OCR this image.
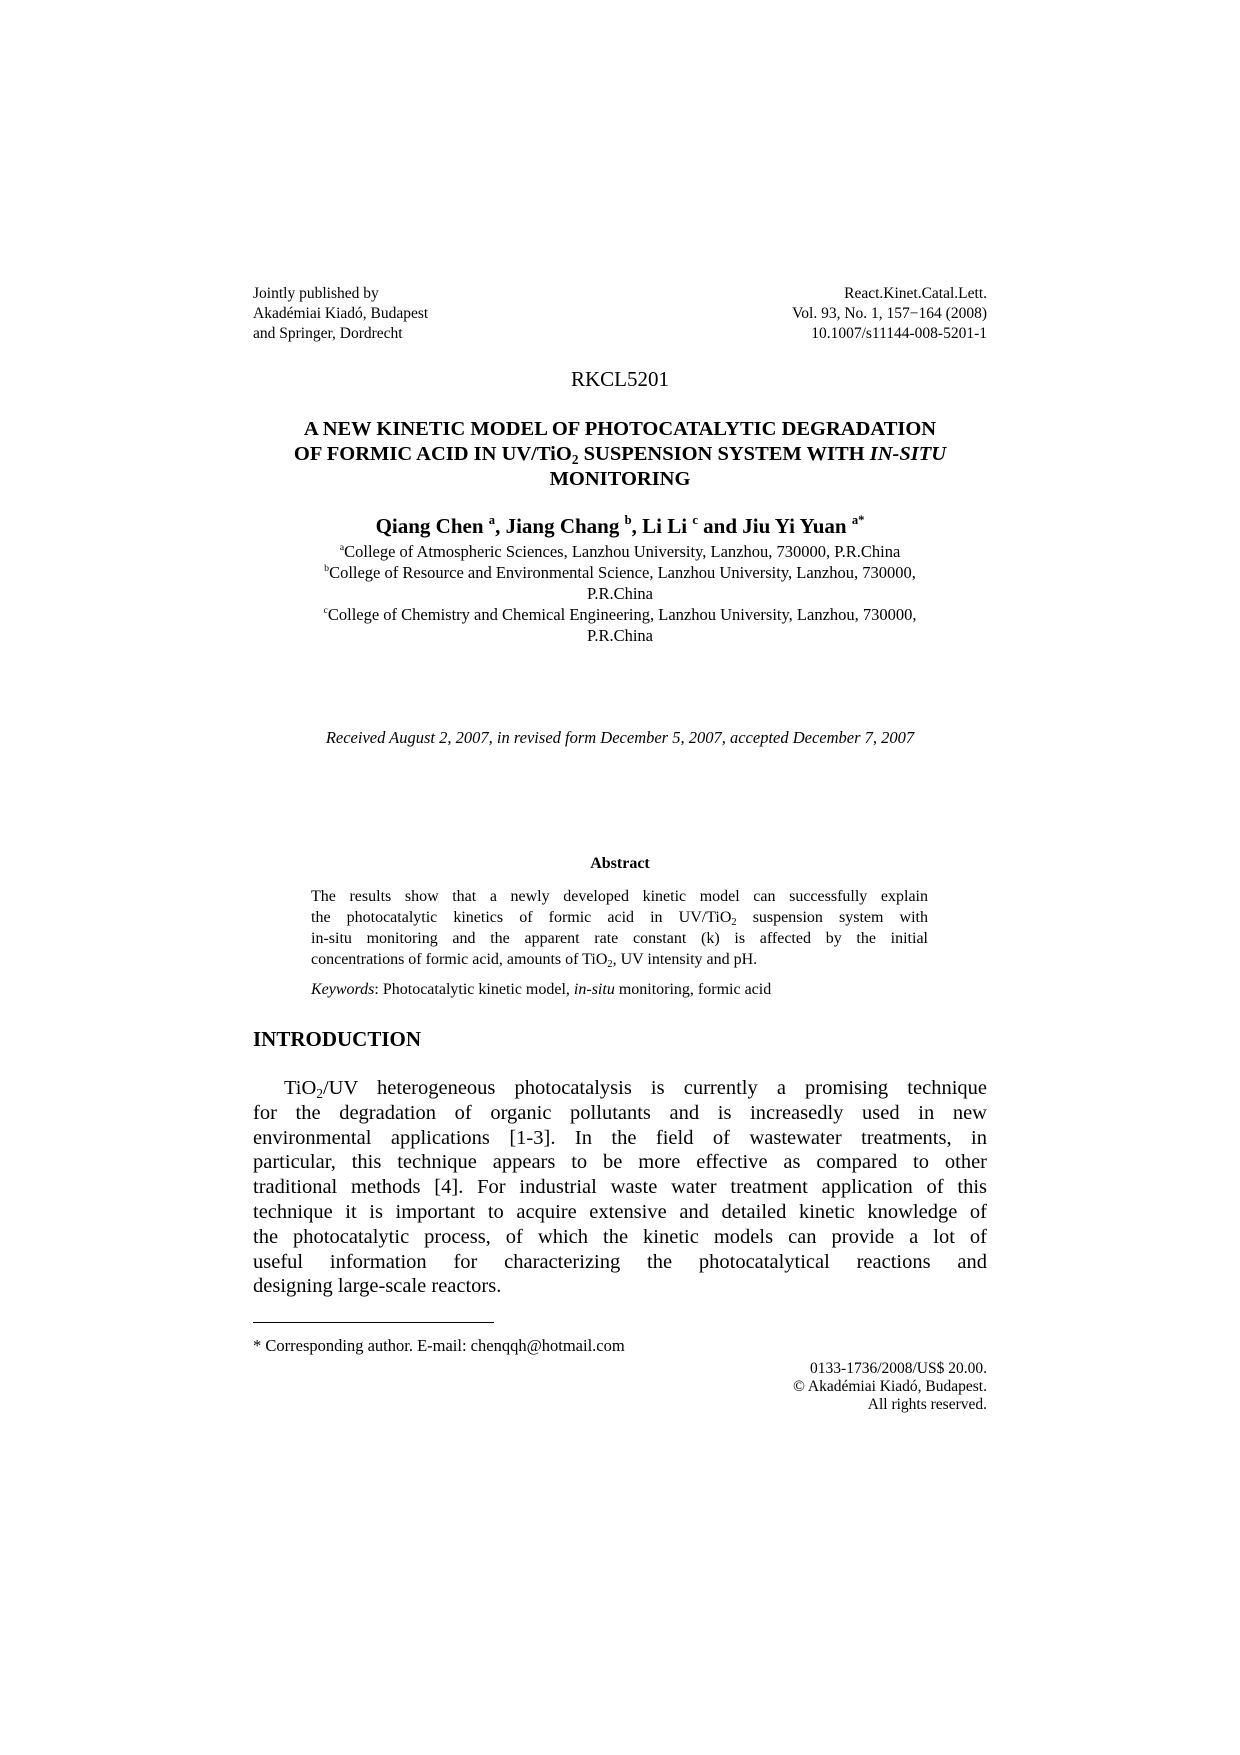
Jointly published by
Akadémiai Kiadó, Budapest
and Springer, Dordrecht
React.Kinet.Catal.Lett.
Vol. 93, No. 1, 157−164 (2008)
10.1007/s11144-008-5201-1
RKCL5201
A NEW KINETIC MODEL OF PHOTOCATALYTIC DEGRADATION
OF FORMIC ACID IN UV/TiO$_2$ SUSPENSION SYSTEM WITH IN-SITU
MONITORING
Qiang Chen $^a$, Jiang Chang $^b$, Li Li $^c$ and Jiu Yi Yuan $^{a*}$
$^a$College of Atmospheric Sciences, Lanzhou University, Lanzhou, 730000, P.R.China
$^b$College of Resource and Environmental Science, Lanzhou University, Lanzhou, 730000,
P.R.China
$^c$College of Chemistry and Chemical Engineering, Lanzhou University, Lanzhou, 730000,
P.R.China
Received August 2, 2007, in revised form December 5, 2007, accepted December 7, 2007
Abstract
The results show that a newly developed kinetic model can successfully explain
the photocatalytic kinetics of formic acid in UV/TiO$_2$ suspension system with
in-situ monitoring and the apparent rate constant (k) is affected by the initial
concentrations of formic acid, amounts of TiO$_2$, UV intensity and pH.
Keywords: Photocatalytic kinetic model, in-situ monitoring, formic acid
INTRODUCTION
TiO$_2$/UV heterogeneous photocatalysis is currently a promising technique
for the degradation of organic pollutants and is increasedly used in new
environmental applications [1-3]. In the field of wastewater treatments, in
particular, this technique appears to be more effective as compared to other
traditional methods [4]. For industrial waste water treatment application of this
technique it is important to acquire extensive and detailed kinetic knowledge of
the photocatalytic process, of which the kinetic models can provide a lot of
useful information for characterizing the photocatalytical reactions and
designing large-scale reactors.
* Corresponding author. E-mail: chenqqh@hotmail.com
0133-1736/2008/US$ 20.00.
© Akadémiai Kiadó, Budapest.
All rights reserved.
